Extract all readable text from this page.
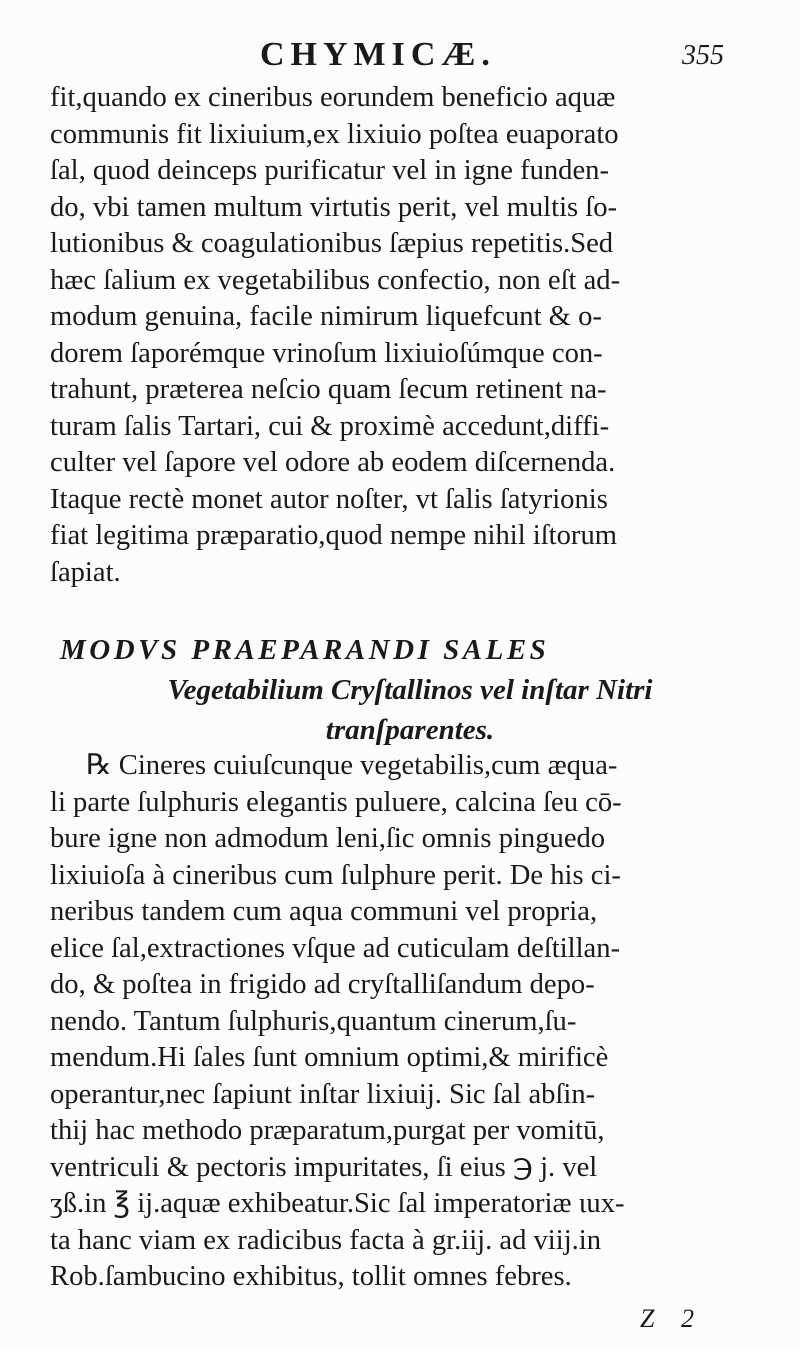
CHYMICÆ.	355
fit,quando ex cineribus eorundem beneficio aquæ
communis fit lixiuium,ex lixiuio poſtea euaporato
ſal, quod deinceps purificatur vel in igne funden-
do, vbi tamen multum virtutis perit, vel multis ſo-
lutionibus & coagulationibus ſæpius repetitis.Sed
hæc ſalium ex vegetabilibus confectio, non eſt ad-
modum genuina, facile nimirum liquefcunt & o-
dorem ſaporémque vrinoſum lixiuioſúmque con-
trahunt, præterea neſcio quam ſecum retinent na-
turam ſalis Tartari, cui & proximè accedunt,diffi-
culter vel ſapore vel odore ab eodem diſcernenda.
Itaque rectè monet autor noſter, vt ſalis ſatyrionis
fiat legitima præparatio,quod nempe nihil iſtorum
ſapiat.
MODVS PRAEPARANDI SALES
Vegetabilium Cryſtallinos vel inſtar Nitri
tranſparentes.
℞ Cineres cuiuſcunque vegetabilis,cum æqua-
li parte ſulphuris elegantis puluere, calcina ſeu cō-
bure igne non admodum leni,ſic omnis pinguedo
lixiuioſa à cineribus cum ſulphure perit. De his ci-
neribus tandem cum aqua communi vel propria,
elice ſal,extractiones vſque ad cuticulam deſtillan-
do, & poſtea in frigido ad cryſtalliſandum depo-
nendo. Tantum ſulphuris,quantum cinerum,ſu-
mendum.Hi ſales ſunt omnium optimi,& mirificè
operantur,nec ſapiunt inſtar lixiuij. Sic ſal abſin-
thij hac methodo præparatum,purgat per vomitū,
ventriculi & pectoris impuritates, ſi eius ℈ j. vel
ʒß.in ℥ ij.aquæ exhibeatur.Sic ſal imperatoriæ ιux-
ta hanc viam ex radicibus facta à gr.iij. ad viij.in
Rob.ſambucino exhibitus, tollit omnes febres.
Z 2
